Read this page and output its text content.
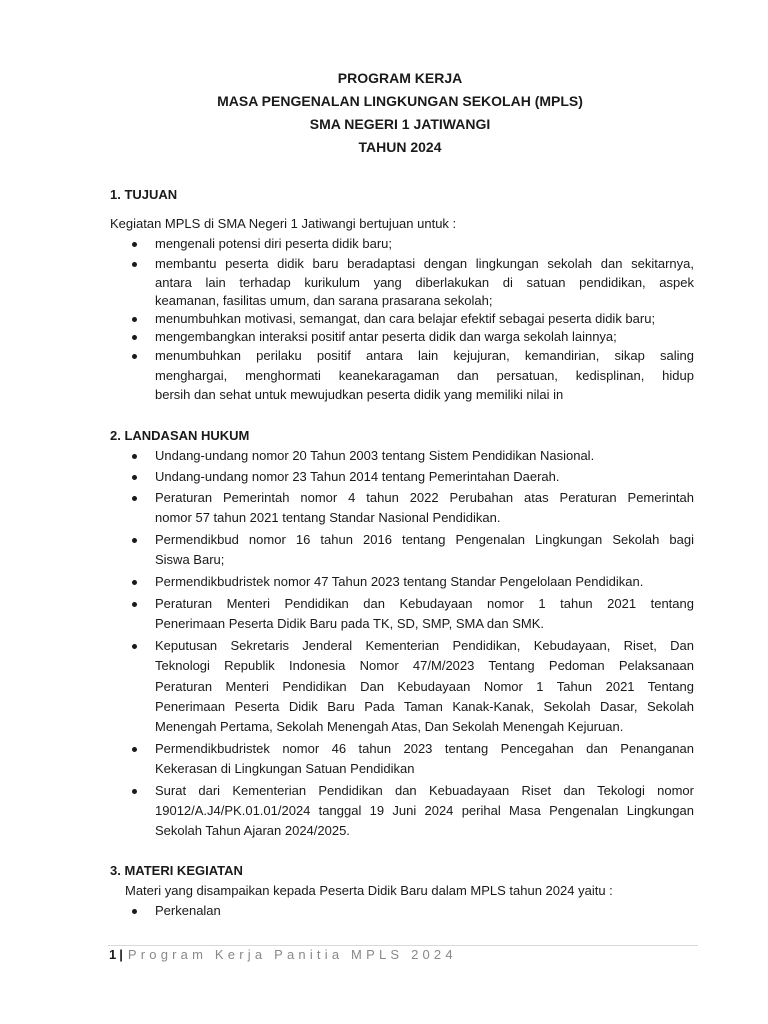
PROGRAM KERJA
MASA PENGENALAN LINGKUNGAN SEKOLAH (MPLS)
SMA NEGERI 1 JATIWANGI
TAHUN 2024
1. TUJUAN
Kegiatan MPLS di SMA Negeri 1 Jatiwangi bertujuan untuk :
mengenali potensi diri peserta didik baru;
membantu peserta didik baru beradaptasi dengan lingkungan sekolah dan sekitarnya,
antara lain terhadap kurikulum yang diberlakukan di satuan pendidikan, aspek
keamanan, fasilitas umum, dan sarana prasarana sekolah;
menumbuhkan motivasi, semangat, dan cara belajar efektif sebagai peserta didik baru;
mengembangkan interaksi positif antar peserta didik dan warga sekolah lainnya;
menumbuhkan perilaku positif antara lain kejujuran, kemandirian, sikap saling
menghargai, menghormati keanekaragaman dan persatuan, kedisplinan, hidup
bersih dan sehat untuk mewujudkan peserta didik yang memiliki nilai in
2. LANDASAN HUKUM
Undang-undang nomor 20 Tahun 2003 tentang Sistem Pendidikan Nasional.
Undang-undang nomor 23 Tahun 2014 tentang Pemerintahan Daerah.
Peraturan Pemerintah nomor 4 tahun 2022 Perubahan atas Peraturan Pemerintah
nomor 57 tahun 2021 tentang Standar Nasional Pendidikan.
Permendikbud nomor 16 tahun 2016 tentang Pengenalan Lingkungan Sekolah bagi
Siswa Baru;
Permendikbudristek nomor 47 Tahun 2023 tentang Standar Pengelolaan Pendidikan.
Peraturan Menteri Pendidikan dan Kebudayaan nomor 1 tahun 2021 tentang
Penerimaan Peserta Didik Baru pada TK, SD, SMP, SMA dan SMK.
Keputusan Sekretaris Jenderal Kementerian Pendidikan, Kebudayaan, Riset, Dan
Teknologi Republik Indonesia Nomor 47/M/2023 Tentang Pedoman Pelaksanaan
Peraturan Menteri Pendidikan Dan Kebudayaan Nomor 1 Tahun 2021 Tentang
Penerimaan Peserta Didik Baru Pada Taman Kanak-Kanak, Sekolah Dasar, Sekolah
Menengah Pertama, Sekolah Menengah Atas, Dan Sekolah Menengah Kejuruan.
Permendikbudristek nomor 46 tahun 2023 tentang Pencegahan dan Penanganan
Kekerasan di Lingkungan Satuan Pendidikan
Surat dari Kementerian Pendidikan dan Kebuadayaan Riset dan Tekologi nomor
19012/A.J4/PK.01.01/2024 tanggal 19 Juni 2024 perihal Masa Pengenalan Lingkungan
Sekolah Tahun Ajaran 2024/2025.
3. MATERI KEGIATAN
Materi yang disampaikan kepada Peserta Didik Baru dalam MPLS tahun 2024 yaitu :
Perkenalan
1 | Program Kerja Panitia MPLS 2024
